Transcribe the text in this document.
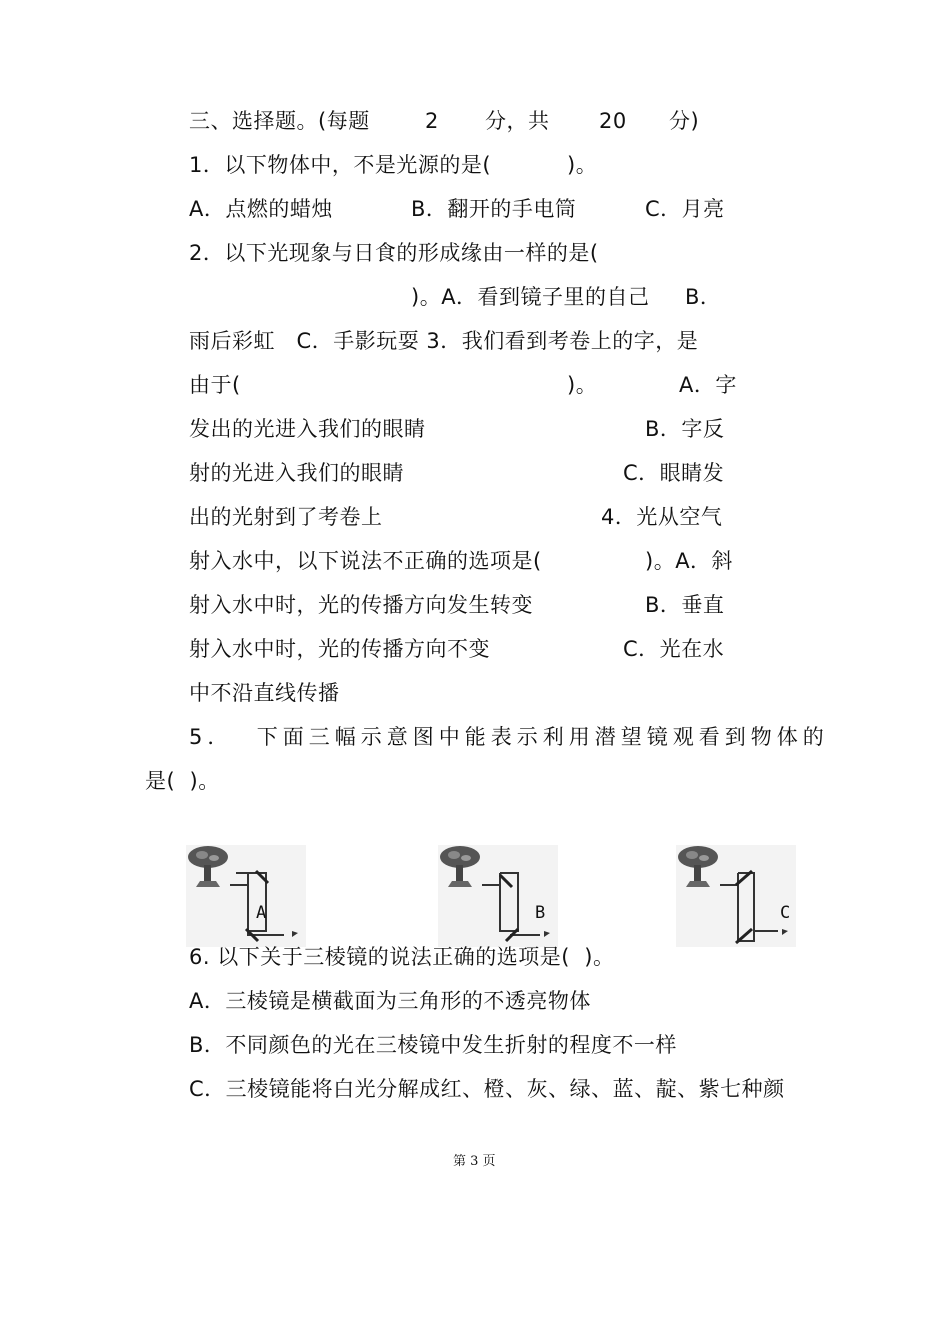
三、选择题。(每题

	2

分，共

20

分)

1．以下物体中，不是光源的是(

	)。

A．点燃的蜡烛

	B．翻开的手电筒

	C．月亮

2．以下光现象与日食的形成缘由一样的是(

)。A．看到镜子里的自己

B．

雨后彩虹   C．手影玩耍 3．我们看到考卷上的字，是

由于(

	)。

	A．字

发出的光进入我们的眼睛

	B．字反

射的光进入我们的眼睛

	C．眼睛发

出的光射到了考卷上

	4．光从空气

射入水中，以下说法不正确的选项是(

	)。A．斜

射入水中时，光的传播方向发生转变

	B．垂直

射入水中时，光的传播方向不变

	C．光在水

中不沿直线传播
5．  下面三幅示意图中能表示利用潜望镜观看到物体的
是(  )。
A	B	C
6. 以下关于三棱镜的说法正确的选项是(  )。
A．三棱镜是横截面为三角形的不透亮物体
B．不同颜色的光在三棱镜中发生折射的程度不一样
C．三棱镜能将白光分解成红、橙、灰、绿、蓝、靛、紫七种颜
第 3 页
